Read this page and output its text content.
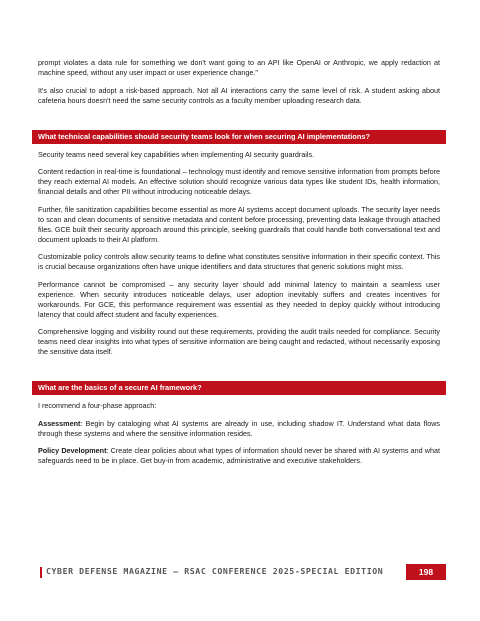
prompt violates a data rule for something we don't want going to an API like OpenAI or Anthropic, we apply redaction at machine speed, without any user impact or user experience change."

It's also crucial to adopt a risk-based approach. Not all AI interactions carry the same level of risk. A student asking about cafeteria hours doesn't need the same security controls as a faculty member uploading research data.

What technical capabilities should security teams look for when securing AI implementations?

Security teams need several key capabilities when implementing AI security guardrails.

Content redaction in real-time is foundational – technology must identify and remove sensitive information from prompts before they reach external AI models. An effective solution should recognize various data types like student IDs, health information, financial details and other PII without introducing noticeable delays.

Further, file sanitization capabilities become essential as more AI systems accept document uploads. The security layer needs to scan and clean documents of sensitive metadata and content before processing, preventing data leakage through attached files. GCE built their security approach around this principle, seeking guardrails that could handle both conversational text and document uploads to their AI platform.

Customizable policy controls allow security teams to define what constitutes sensitive information in their specific context. This is crucial because organizations often have unique identifiers and data structures that generic solutions might miss.

Performance cannot be compromised – any security layer should add minimal latency to maintain a seamless user experience. When security introduces noticeable delays, user adoption inevitably suffers and creates incentives for workarounds. For GCE, this performance requirement was essential as they needed to deploy quickly without introducing latency that could affect student and faculty experiences.

Comprehensive logging and visibility round out these requirements, providing the audit trails needed for compliance. Security teams need clear insights into what types of sensitive information are being caught and redacted, without necessarily exposing the sensitive data itself.

What are the basics of a secure AI framework?

I recommend a four-phase approach:

Assessment: Begin by cataloging what AI systems are already in use, including shadow IT. Understand what data flows through these systems and where the sensitive information resides.

Policy Development: Create clear policies about what types of information should never be shared with AI systems and what safeguards need to be in place. Get buy-in from academic, administrative and executive stakeholders.

CYBER DEFENSE MAGAZINE – RSAC CONFERENCE 2025-SPECIAL EDITION	198
